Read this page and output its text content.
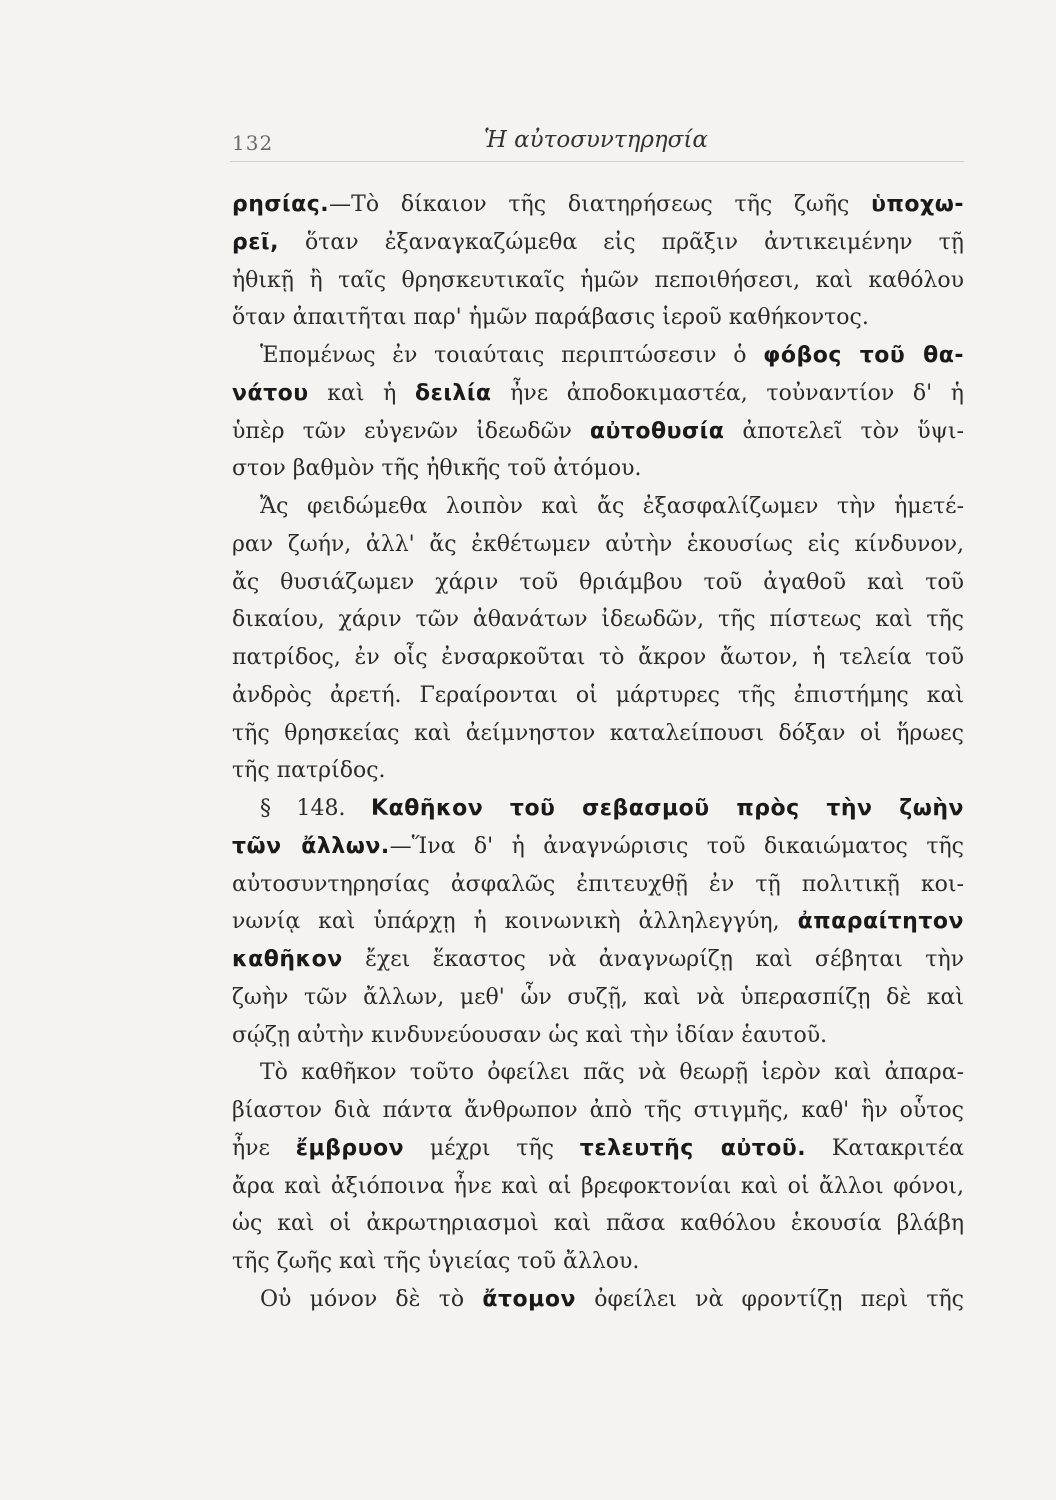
132	Ἡ αὐτοσυντηρησία
ρησίας.—Τὸ δίκαιον τῆς διατηρήσεως τῆς ζωῆς ὑποχω-
ρεῖ, ὅταν ἐξαναγκαζώμεθα εἰς πρᾶξιν ἀντικειμένην τῇ
ἠθικῇ ἢ ταῖς θρησκευτικαῖς ἡμῶν πεποιθήσεσι, καὶ καθόλου
ὅταν ἀπαιτῆται παρ' ἡμῶν παράβασις ἱεροῦ καθήκοντος.
Ἑπομένως ἐν τοιαύταις περιπτώσεσιν ὁ φόβος τοῦ θα-
νάτου καὶ ἡ δειλία ἦνε ἀποδοκιμαστέα, τοὐναντίον δ' ἡ
ὑπὲρ τῶν εὐγενῶν ἰδεωδῶν αὐτοθυσία ἀποτελεῖ τὸν ὕψι-
στον βαθμὸν τῆς ἠθικῆς τοῦ ἀτόμου.
Ἄς φειδώμεθα λοιπὸν καὶ ἄς ἐξασφαλίζωμεν τὴν ἡμετέ-
ραν ζωήν, ἀλλ' ἄς ἐκθέτωμεν αὐτὴν ἑκουσίως εἰς κίνδυνον,
ἄς θυσιάζωμεν χάριν τοῦ θριάμβου τοῦ ἀγαθοῦ καὶ τοῦ
δικαίου, χάριν τῶν ἀθανάτων ἰδεωδῶν, τῆς πίστεως καὶ τῆς
πατρίδος, ἐν οἷς ἐνσαρκοῦται τὸ ἄκρον ἄωτον, ἡ τελεία τοῦ
ἀνδρὸς ἀρετή. Γεραίρονται οἱ μάρτυρες τῆς ἐπιστήμης καὶ
τῆς θρησκείας καὶ ἀείμνηστον καταλείπουσι δόξαν οἱ ἥρωες
τῆς πατρίδος.
§ 148. Καθῆκον τοῦ σεβασμοῦ πρὸς τὴν ζωὴν
τῶν ἄλλων.—Ἵνα δ' ἡ ἀναγνώρισις τοῦ δικαιώματος τῆς
αὐτοσυντηρησίας ἀσφαλῶς ἐπιτευχθῇ ἐν τῇ πολιτικῇ κοι-
νωνίᾳ καὶ ὑπάρχῃ ἡ κοινωνικὴ ἀλληλεγγύη, ἀπαραίτητον
καθῆκον ἔχει ἕκαστος νὰ ἀναγνωρίζῃ καὶ σέβηται τὴν
ζωὴν τῶν ἄλλων, μεθ' ὧν συζῇ, καὶ νὰ ὑπερασπίζῃ δὲ καὶ
σῴζῃ αὐτὴν κινδυνεύουσαν ὡς καὶ τὴν ἰδίαν ἑαυτοῦ.
Τὸ καθῆκον τοῦτο ὀφείλει πᾶς νὰ θεωρῇ ἱερὸν καὶ ἀπαρα-
βίαστον διὰ πάντα ἄνθρωπον ἀπὸ τῆς στιγμῆς, καθ' ἣν οὗτος
ἦνε ἔμβρυον μέχρι τῆς τελευτῆς αὐτοῦ. Κατακριτέα
ἄρα καὶ ἀξιόποινα ἦνε καὶ αἱ βρεφοκτονίαι καὶ οἱ ἄλλοι φόνοι,
ὡς καὶ οἱ ἀκρωτηριασμοὶ καὶ πᾶσα καθόλου ἑκουσία βλάβη
τῆς ζωῆς καὶ τῆς ὑγιείας τοῦ ἄλλου.
Οὐ μόνον δὲ τὸ ἄτομον ὀφείλει νὰ φροντίζῃ περὶ τῆς
